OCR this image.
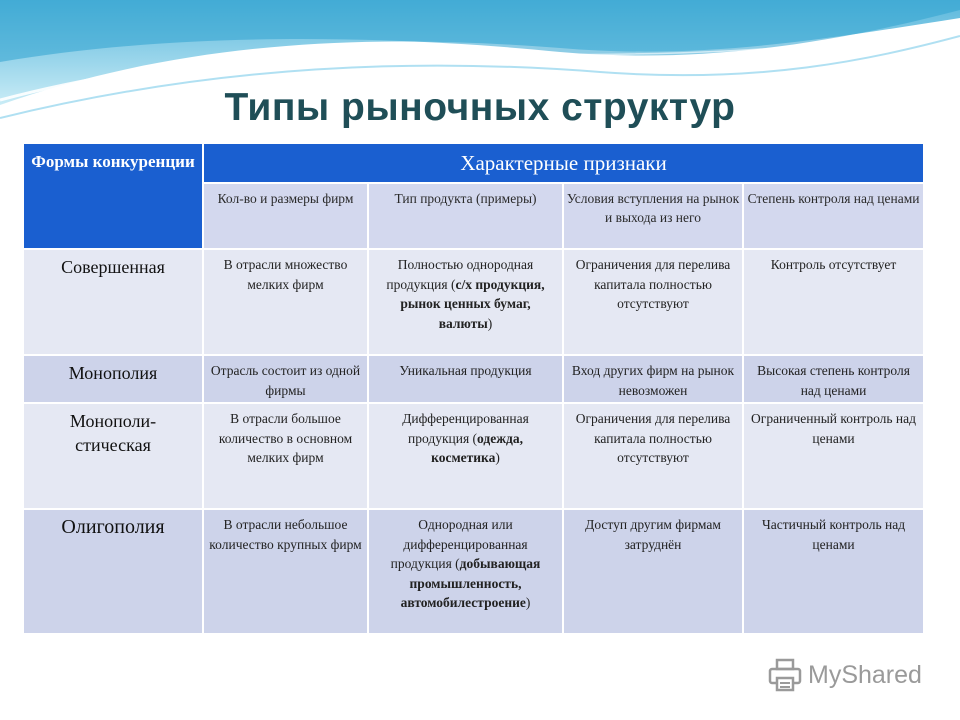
Типы рыночных структур
Формы конкуренции	Характерные признаки			
	Кол-во и размеры фирм	Тип продукта (примеры)	Условия вступления на рынок и выхода из него	Степень контроля над ценами
Совершенная	В отрасли множество мелких фирм	Полностью однородная продукция (с/х продукция, рынок ценных бумаг, валюты)	Ограничения для перелива капитала полностью отсутствуют	Контроль отсутствует
Монополия	Отрасль состоит из одной фирмы	Уникальная продукция	Вход других фирм на рынок невозможен	Высокая степень контроля над ценами
Монополи-стическая	В отрасли большое количество в основном мелких фирм	Дифференцированная продукция (одежда, косметика)	Ограничения для перелива капитала полностью отсутствуют	Ограниченный контроль над ценами
Олигополия	В отрасли небольшое количество крупных фирм	Однородная или дифференцированная продукция (добывающая промышленность, автомобилестроение)	Доступ другим фирмам затруднён	Частичный контроль над ценами
MyShared
